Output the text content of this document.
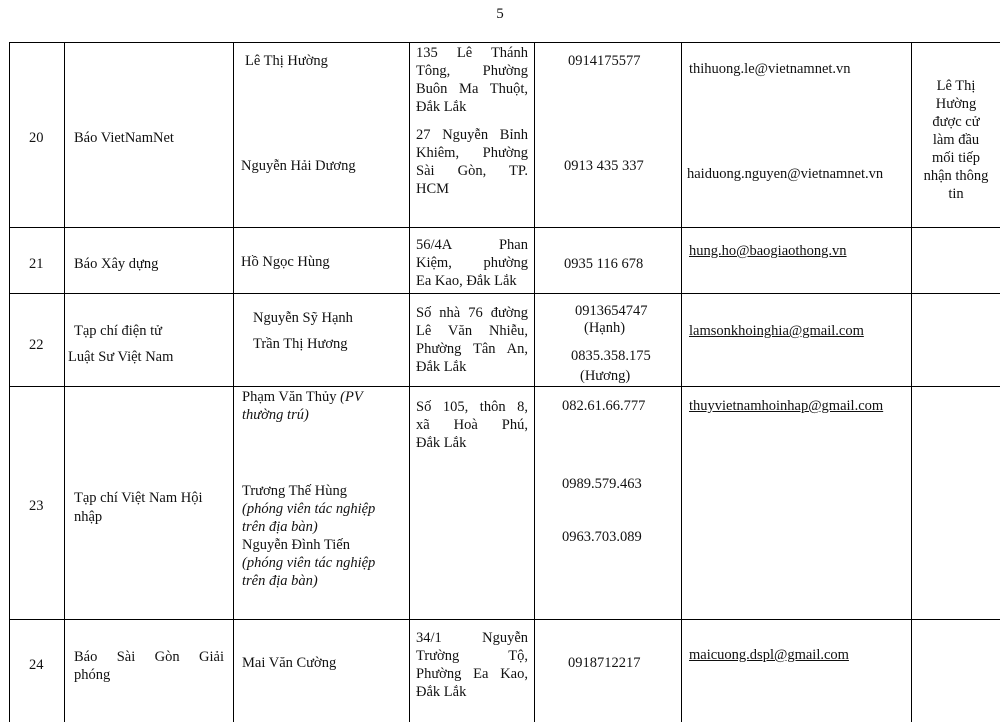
5
20 Báo VietNamNet
Lê Thị Hường
Nguyễn Hải Dương
135 Lê Thánh
Tông, Phường
Buôn Ma Thuột,
Đắk Lắk
27 Nguyễn Bỉnh
Khiêm, Phường
Sài Gòn, TP.
HCM
0914175577
0913 435 337
thihuong.le@vietnamnet.vn
haiduong.nguyen@vietnamnet.vn
Lê Thị
Hường
được cử
làm đầu
mối tiếp
nhận thông
tin
21 Báo Xây dựng	Hồ Ngọc Hùng
56/4A Phan
Kiệm, phường
Ea Kao, Đắk Lắk
0935 116 678
hung.ho@baogiaothong.vn
22
Tạp chí điện tử
Luật Sư Việt Nam
Nguyễn Sỹ Hạnh
Trần Thị Hương
Số nhà 76 đường
Lê Văn Nhiễu,
Phường Tân An,
Đắk Lắk
0913654747
(Hạnh)
0835.358.175
(Hương)
lamsonkhoinghia@gmail.com
23 Tạp chí Việt Nam Hội
nhập
Phạm Văn Thủy (PV
thường trú)
Trương Thế Hùng
(phóng viên tác nghiệp
trên địa bàn)
Nguyễn Đình Tiến
(phóng viên tác nghiệp
trên địa bàn)
Số 105, thôn 8,
xã Hoà Phú,
Đắk Lắk
082.61.66.777
0989.579.463
0963.703.089
thuyvietnamhoinhap@gmail.com
24 Báo Sài Gòn Giải
phóng
Mai Văn Cường
34/1 Nguyễn
Trường Tộ,
Phường Ea Kao,
Đắk Lắk
0918712217	maicuong.dspl@gmail.com
